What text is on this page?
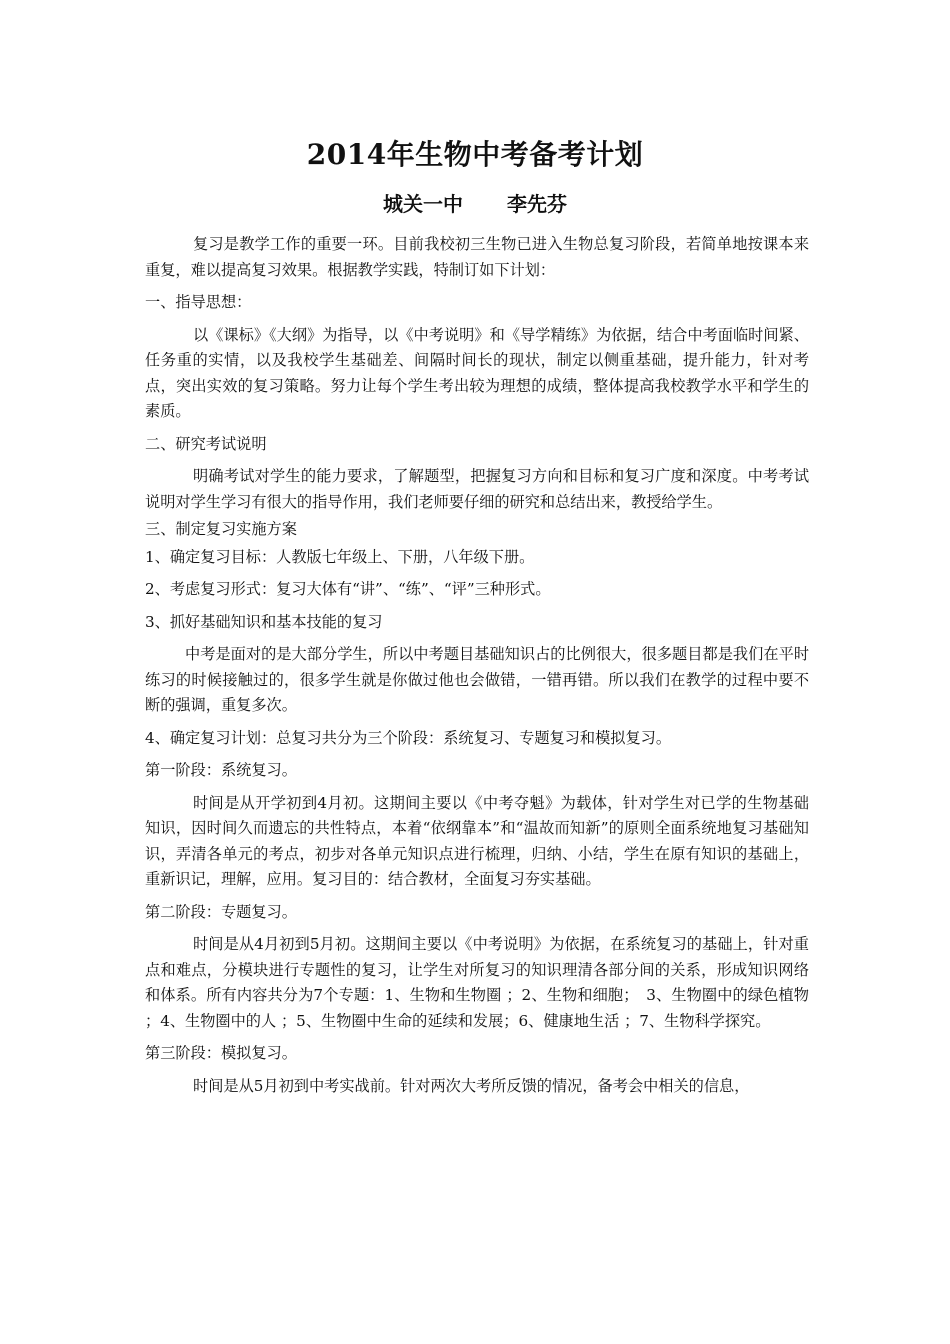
2014年生物中考备考计划
城关一中 李先芬

复习是教学工作的重要一环。目前我校初三生物已进入生物总复习阶段，若简单地按课本来重复，难以提高复习效果。根据教学实践，特制订如下计划：

一、指导思想：

以《课标》《大纲》为指导，以《中考说明》和《导学精练》为依据，结合中考面临时间紧、任务重的实情，以及我校学生基础差、间隔时间长的现状，制定以侧重基础，提升能力，针对考点，突出实效的复习策略。努力让每个学生考出较为理想的成绩，整体提高我校教学水平和学生的素质。

二、研究考试说明

明确考试对学生的能力要求，了解题型，把握复习方向和目标和复习广度和深度。中考考试说明对学生学习有很大的指导作用，我们老师要仔细的研究和总结出来，教授给学生。

三、制定复习实施方案

1、确定复习目标：人教版七年级上、下册，八年级下册。

2、考虑复习形式：复习大体有“讲”、“练”、“评”三种形式。

3、抓好基础知识和基本技能的复习

中考是面对的是大部分学生，所以中考题目基础知识占的比例很大，很多题目都是我们在平时练习的时候接触过的，很多学生就是你做过他也会做错，一错再错。所以我们在教学的过程中要不断的强调，重复多次。

4、确定复习计划：总复习共分为三个阶段：系统复习、专题复习和模拟复习。

第一阶段：系统复习。

时间是从开学初到4月初。这期间主要以《中考夺魁》为载体，针对学生对已学的生物基础知识，因时间久而遗忘的共性特点，本着“依纲靠本”和“温故而知新”的原则全面系统地复习基础知识，弄清各单元的考点，初步对各单元知识点进行梳理，归纳、小结，学生在原有知识的基础上，重新识记，理解，应用。复习目的：结合教材，全面复习夯实基础。

第二阶段：专题复习。

时间是从4月初到5月初。这期间主要以《中考说明》为依据，在系统复习的基础上，针对重点和难点，分模块进行专题性的复习，让学生对所复习的知识理清各部分间的关系，形成知识网络和体系。所有内容共分为7个专题：1、生物和生物圈 ；2、生物和细胞；　3、生物圈中的绿色植物 ；4、生物圈中的人 ；5、生物圈中生命的延续和发展；6、健康地生活 ；7、生物科学探究。

第三阶段：模拟复习。

时间是从5月初到中考实战前。针对两次大考所反馈的情况，备考会中相关的信息，
